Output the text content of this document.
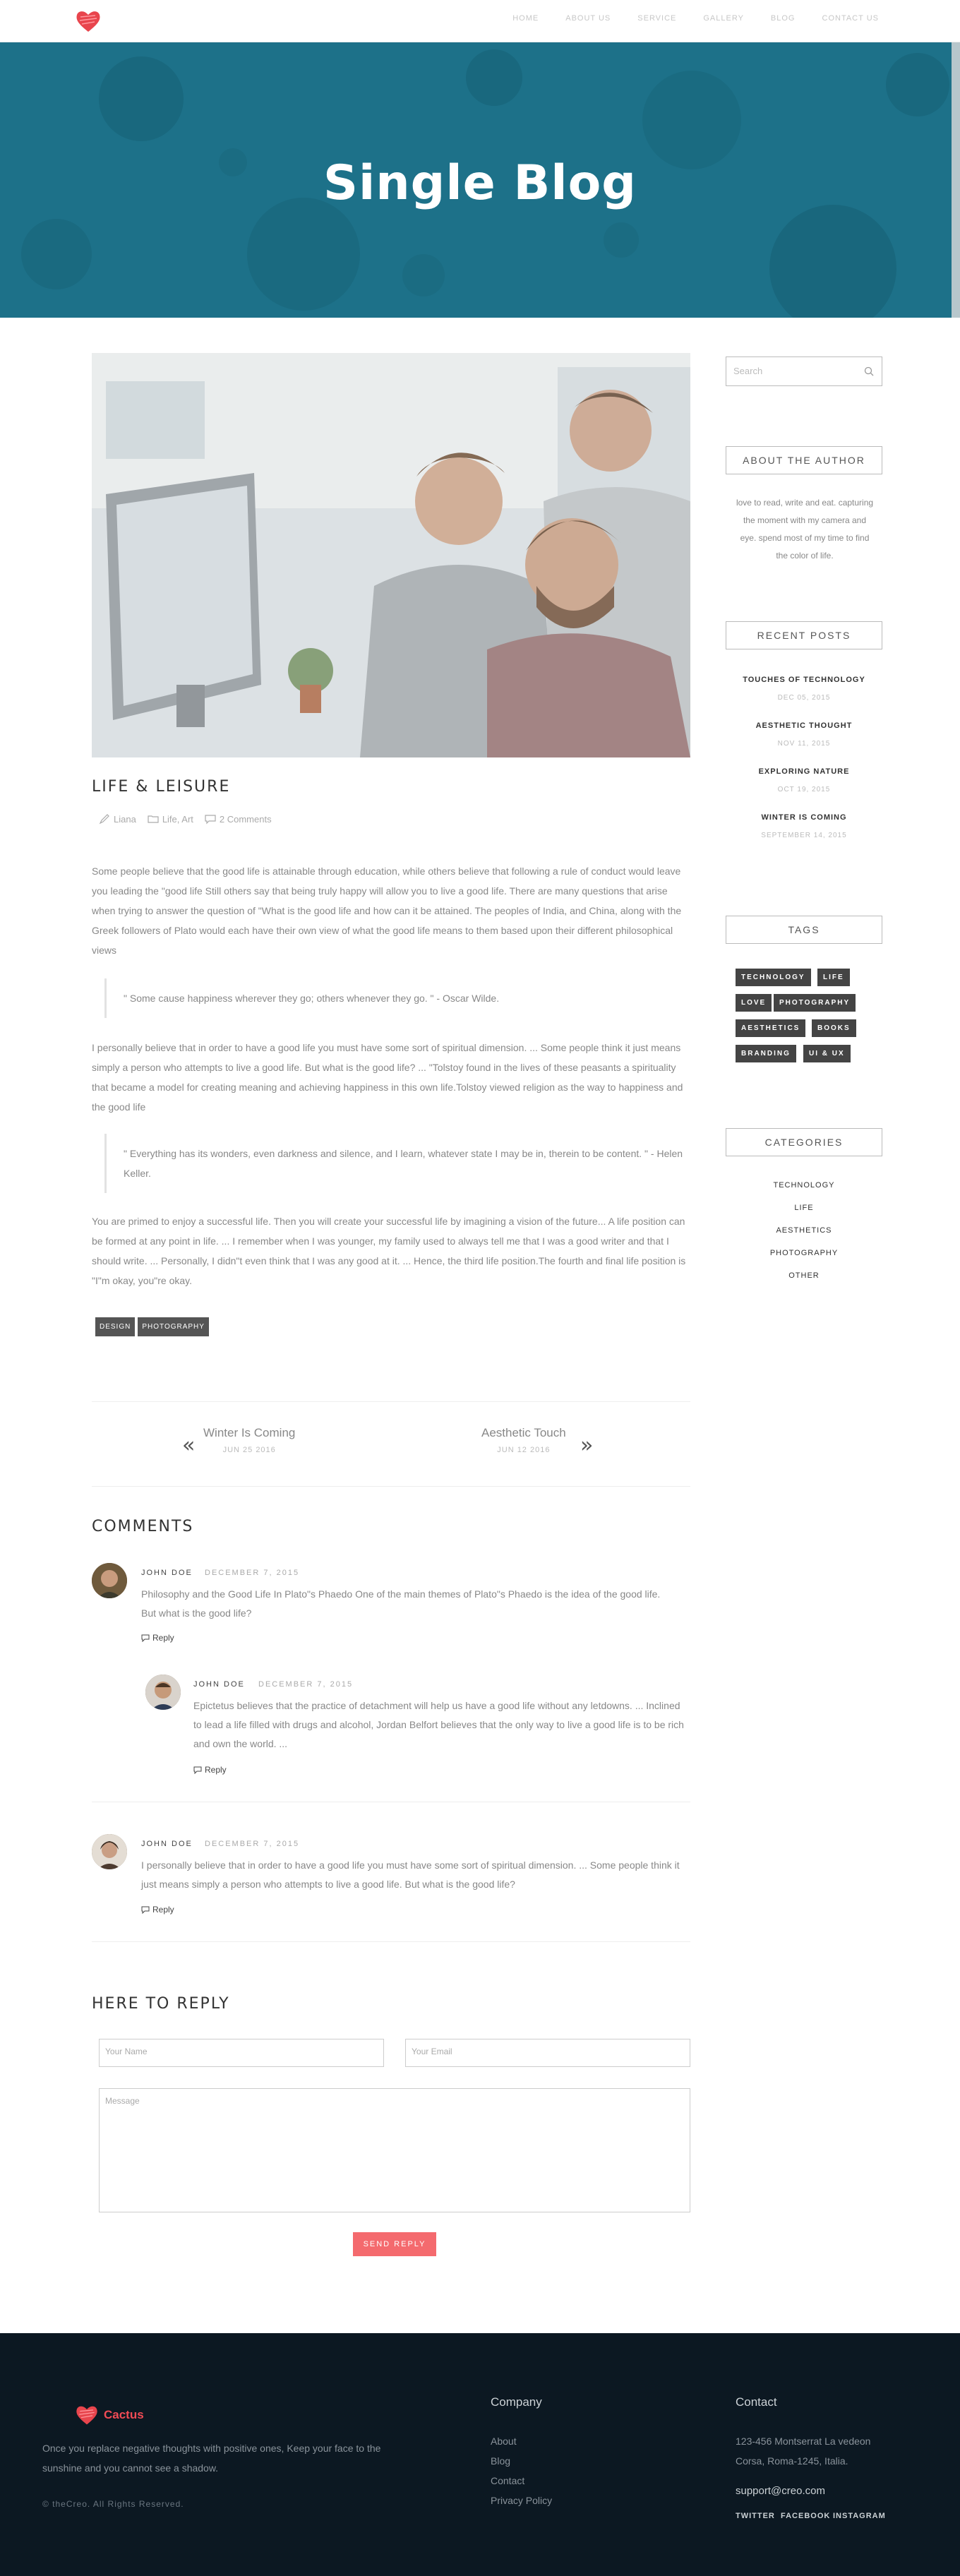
HOME	ABOUT US	SERVICE	GALLERY	BLOG	CONTACT US
Single Blog
LIFE & LEISURE
Liana	Life, Art	2 Comments
Some people believe that the good life is attainable through education, while others believe that following a rule of conduct would leave you leading the "good life Still others say that being truly happy will allow you to live a good life. There are many questions that arise when trying to answer the question of "What is the good life and how can it be attained. The peoples of India, and China, along with the Greek followers of Plato would each have their own view of what the good life means to them based upon their different philosophical views
" Some cause happiness wherever they go; others whenever they go. " - Oscar Wilde.
I personally believe that in order to have a good life you must have some sort of spiritual dimension. ... Some people think it just means simply a person who attempts to live a good life. But what is the good life? ... "Tolstoy found in the lives of these peasants a spirituality that became a model for creating meaning and achieving happiness in this own life.Tolstoy viewed religion as the way to happiness and the good life
" Everything has its wonders, even darkness and silence, and I learn, whatever state I may be in, therein to be content. " - Helen Keller.
You are primed to enjoy a successful life. Then you will create your successful life by imagining a vision of the future... A life position can be formed at any point in life. ... I remember when I was younger, my family used to always tell me that I was a good writer and that I should write. ... Personally, I didn"t even think that I was any good at it. ... Hence, the third life position.The fourth and final life position is "I"m okay, you"re okay.
DESIGN	PHOTOGRAPHY
«
Winter Is Coming
JUN 25 2016
Aesthetic Touch
JUN 12 2016	»
COMMENTS
JOHN DOE DECEMBER 7, 2015
Philosophy and the Good Life In Plato"s Phaedo One of the main themes of Plato"s Phaedo is the idea of the good life. But what is the good life?
Reply
JOHN DOE DECEMBER 7, 2015
Epictetus believes that the practice of detachment will help us have a good life without any letdowns. ... Inclined to lead a life filled with drugs and alcohol, Jordan Belfort believes that the only way to live a good life is to be rich and own the world. ...
Reply
JOHN DOE DECEMBER 7, 2015
I personally believe that in order to have a good life you must have some sort of spiritual dimension. ... Some people think it just means simply a person who attempts to live a good life. But what is the good life?
Reply
HERE TO REPLY
Your Name	Your Email
Message
SEND REPLY
Search
ABOUT THE AUTHOR
love to read, write and eat. capturing the moment with my camera and eye. spend most of my time to find the color of life.
RECENT POSTS
TOUCHES OF TECHNOLOGY
DEC 05, 2015
AESTHETIC THOUGHT
NOV 11, 2015
EXPLORING NATURE
OCT 19, 2015
WINTER IS COMING
SEPTEMBER 14, 2015
TAGS
TECHNOLOGY	LIFE
LOVE	PHOTOGRAPHY
AESTHETICS	BOOKS
BRANDING	UI & UX
CATEGORIES
TECHNOLOGY
LIFE
AESTHETICS
PHOTOGRAPHY
OTHER
Cactus
Once you replace negative thoughts with positive ones, Keep your face to the sunshine and you cannot see a shadow.
© theCreo. All Rights Reserved.
Company
About
Blog
Contact
Privacy Policy
Contact
123-456 Montserrat La vedeon
Corsa, Roma-1245, Italia.
support@creo.com
TWITTER FACEBOOK INSTAGRAM
